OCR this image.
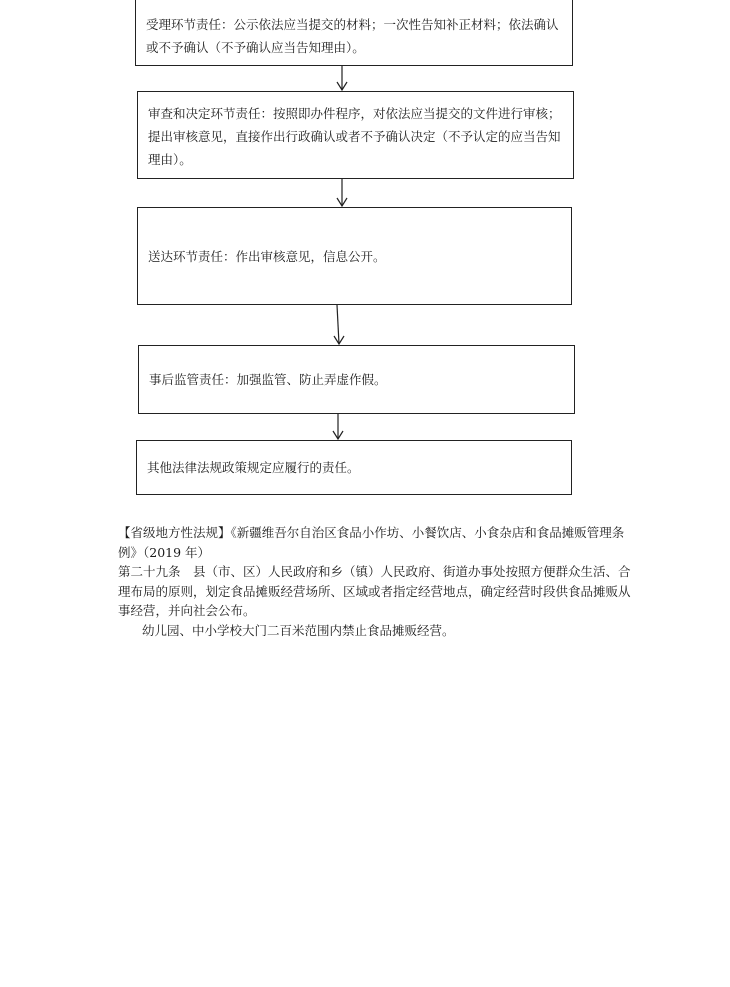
受理环节责任：公示依法应当提交的材料；一次性告知补正材料；依法确认或不予确认（不予确认应当告知理由）。
审查和决定环节责任：按照即办件程序，对依法应当提交的文件进行审核；提出审核意见，直接作出行政确认或者不予确认决定（不予认定的应当告知理由）。
送达环节责任：作出审核意见，信息公开。
事后监管责任：加强监管、防止弄虚作假。
其他法律法规政策规定应履行的责任。

【省级地方性法规】《新疆维吾尔自治区食品小作坊、小餐饮店、小食杂店和食品摊贩管理条例》（2019 年）

第二十九条　县（市、区）人民政府和乡（镇）人民政府、街道办事处按照方便群众生活、合理布局的原则，划定食品摊贩经营场所、区域或者指定经营地点，确定经营时段供食品摊贩从事经营，并向社会公布。

幼儿园、中小学校大门二百米范围内禁止食品摊贩经营。
